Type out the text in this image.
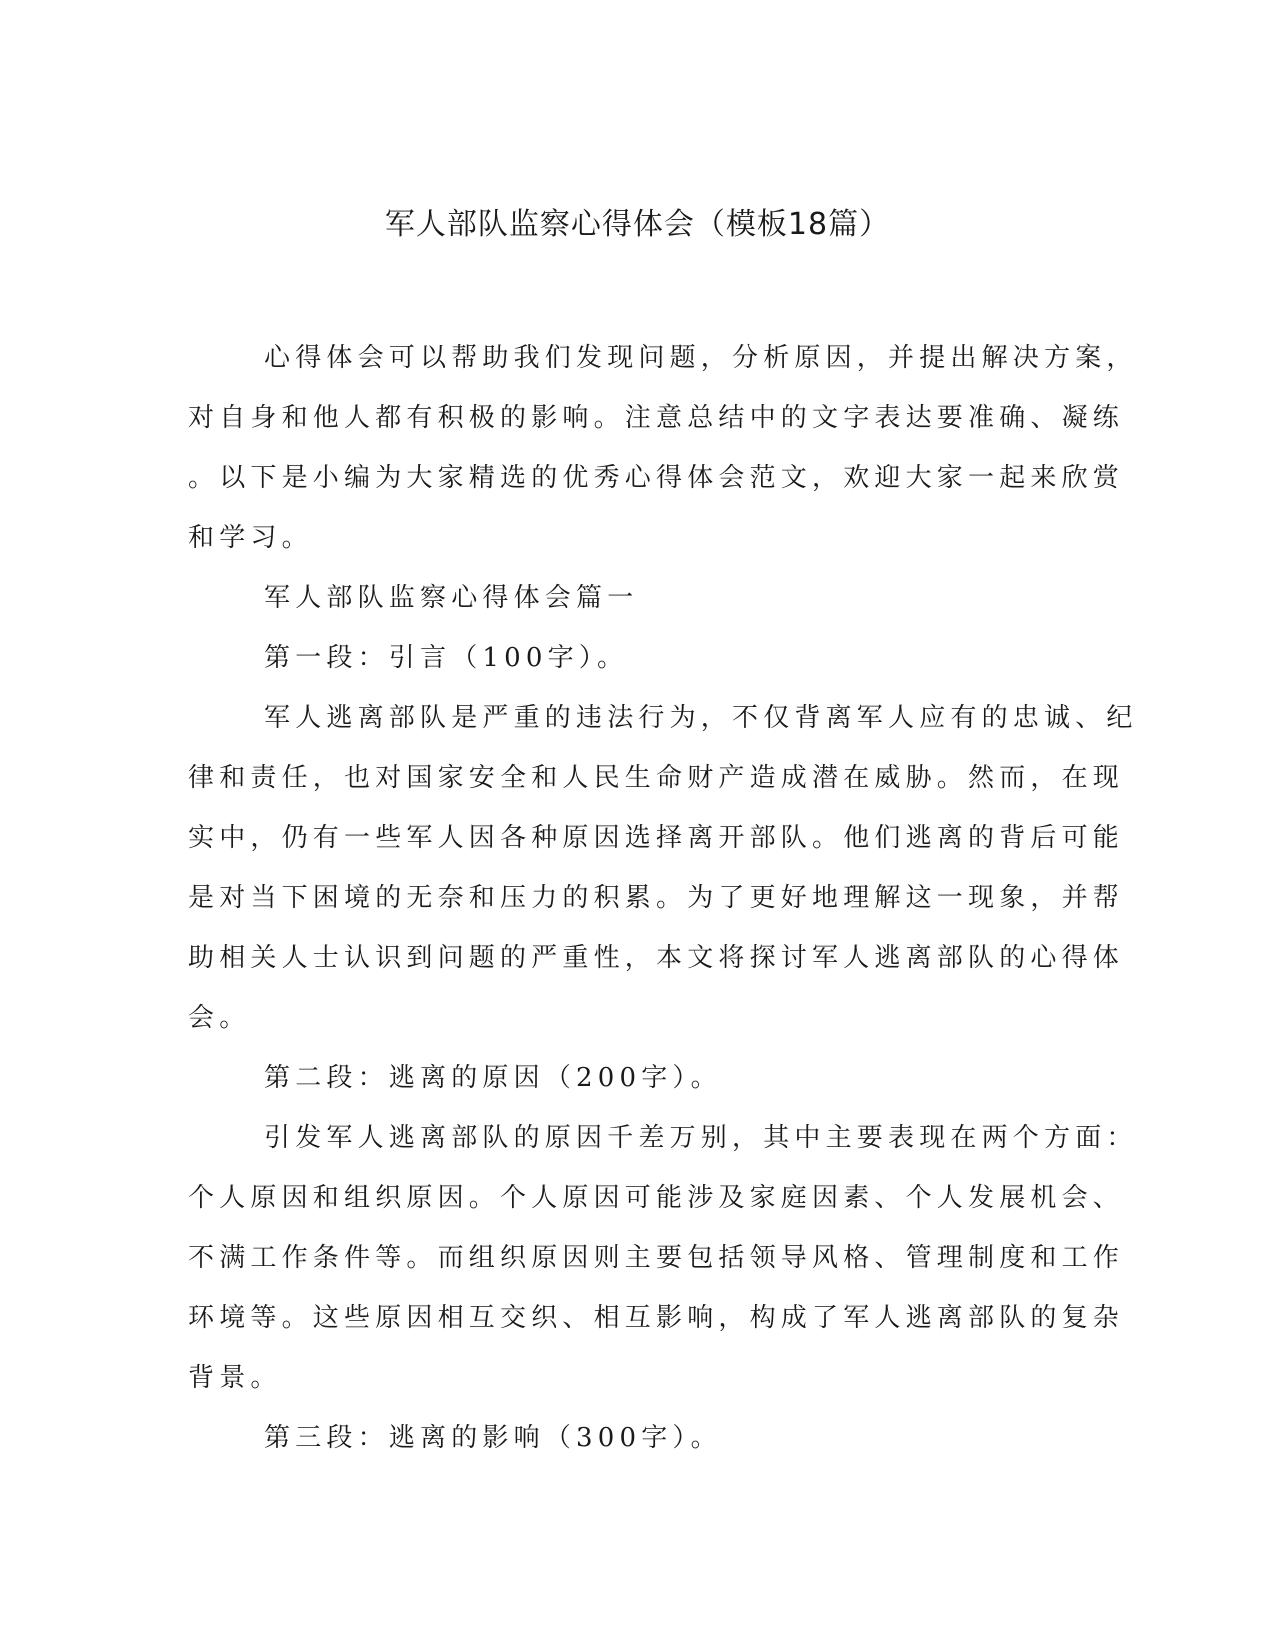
军人部队监察心得体会（模板18篇）
心得体会可以帮助我们发现问题，分析原因，并提出解决方案，
对自身和他人都有积极的影响。注意总结中的文字表达要准确、凝练
。以下是小编为大家精选的优秀心得体会范文，欢迎大家一起来欣赏
和学习。
军人部队监察心得体会篇一
第一段：引言（100字）。
军人逃离部队是严重的违法行为，不仅背离军人应有的忠诚、纪
律和责任，也对国家安全和人民生命财产造成潜在威胁。然而，在现
实中，仍有一些军人因各种原因选择离开部队。他们逃离的背后可能
是对当下困境的无奈和压力的积累。为了更好地理解这一现象，并帮
助相关人士认识到问题的严重性，本文将探讨军人逃离部队的心得体
会。
第二段：逃离的原因（200字）。
引发军人逃离部队的原因千差万别，其中主要表现在两个方面：
个人原因和组织原因。个人原因可能涉及家庭因素、个人发展机会、
不满工作条件等。而组织原因则主要包括领导风格、管理制度和工作
环境等。这些原因相互交织、相互影响，构成了军人逃离部队的复杂
背景。
第三段：逃离的影响（300字）。
